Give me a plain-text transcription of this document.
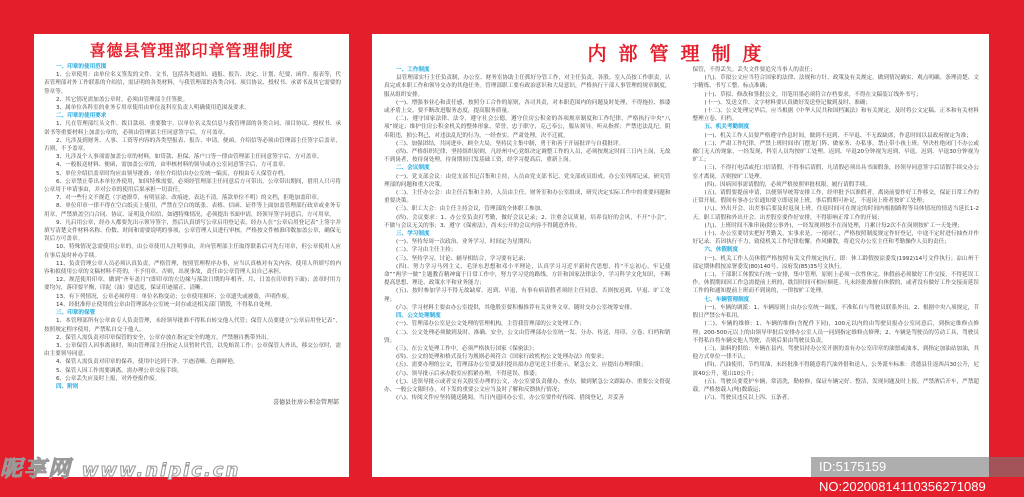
喜德县管理部印章管理制度
一、印章的使用范围
1、公章使用：由单位名义签发的文件、文书，包括各类通知、通报、报告、决定、计划、纪要、函件、报表等，代表管理部对外工作联系的介绍信，需证明的各类材料，与我管理部的各类合同、项目协议、授权书、承诺书及其它需要的签章等。
2、其它情况需加盖公章时，必须由管理部主任签批。
3、属单位各科室的业务专用章使用由单位及科室负责人明确使用范围及要求。
二、印章的使用要求
1、凡在管理部红头文件、拨目款项、重要数字、以单位名义发信息与我管理部的各类合同、项目协议、授权书、承诺书等重要材料上加盖公章的，必须由管理部主任同意签字后，方可盖章。
2、凡涉及到财务、人事、工资等内容的各类型报表、报告、申请、便函、介绍信等必须由管理部主任签字后盖章，否则，不予盖章。
3、凡涉及个人事项需加盖公章的材料，如贷款、担保、落户口等一律由管理部主任同意签字后，方可盖章。
4、一般报送材料、便函，需加盖公章的，由审核材料的领导或办公室同意签字后，方可盖章。
5、单位介绍信盖章时均应由领导批准；单位介绍信由办公室统一编页，存根由专人保管存档。
6、公章禁止带出本单位外使用，如因特殊需要，必须经管理部主任同意后方可带出。公章带出期间，借用人只可将公章用于申请事由，并对公章的使用后果承担一切责任。
7、对一些行文不规范（字迹潦草，有明显涂、改痕迹，表达不清，落款单位不明）的文档，拒绝加盖印章。
8、单位印章一律不得在空白纸页上使用，严禁在空白的纸张、表格、信函、证件等上面加盖管理部行政章或业务专用章，严禁填盖空白合同、协议、证明及介绍信，如遇特殊情况，必须提出书面申请，经领导签字同意后，方可用章。
9、凡启用公章，经办人都要先出示领导签字，然后认真填写公章启用登记表，经办人在“公章启用登记表”上签字并填写清楚文件材料名称、份数、时间和需要说明的事项，公章管理人员进行审核，严格按文件核准印数加盖公章，确保无误后方可盖章。
10、特殊情况急需使用公章的，由公章使用人注明事由，并向管理部主任取得联系后可先行用章，但公章使用人应在事后及时补办手续。
11、负责管理公章人员必须认真负责，严格管理，按照管理程序办事，应当认真核对有关内容，使用人所填写的内容和拟使用公章的文稿材料不符的，不予用章。否则，出现事故，责任由公章管理人员自己承担。
12、规范使用印章，做到“齐年盖月”(即印章的左边缘与落款日期的年相齐，月、日盖在印章的下面)；盖章时用力要均匀，落印要平衡，印泥（油）要适度，保证印迹端正、清晰。
13、有下列情况，公章必须停用：单位名称变动；公章使用损坏；公章遗失或被盗，声明作废。
14、经批准停止使用的公章由管理部办公室统一封存或送相关部门销毁，不得私自处理。
三、印章的保管
1、本管理部所有公章由专人负责管理，未经领导批准不得私自转交他人代管；保管人员要建立“公章启用登记表”，按照规定程序使用，严禁私自交于他人。
2、保管人需负责对印章保管的安全，公章存放在指定安全的地方，严禁擅自携带外出。
3、公章保管人因事离岗时，须由管理部主任指定人员暂时代管，以免贻误工作；公章保管人外出，移交公章时，需由主要领导同意。
4、保管人需负责对印章的保养，使用中达到干净、字迹清晰、色调鲜艳。
5、保管人因工作需要调离，需办理公章交接手续。
6、公章丢失应及时上报，对外登报作废。
四、附则
喜德县住房公积金管理部
内部管理制度
一、工作制度
县管理部实行主任负责制，办公室、财务室协助主任抓好分管工作，对主任负责。各股、室人员按工作职责，认真完成本职工作和领导交办的其他任务。管理部职工要有政治意识和大局意识，严格执行干部人事管理的规章制度，服从组织安排。
(一)、增强事业心和责任感，按照分工合作的原则，各司其责，对本职范围内的问题及时处理，不得拖拉、推诿或矛盾上交。要不断改进服务态度，提高服务质量。
(二)、遵守国家法律、法令，遵守社会公德，遵守住房公积金的各项规章制度和工作纪律，严格执行中央“八项”规定；维护住房公积金机关的整体形象、荣誉，忠于职守，克己奉公，服从领导，听从指挥；严禁违法乱纪，阴奉阳违，损公利己，对违法乱纪的行为，一经查实，严肃处理，决不迁就。
(三)、加强团结，共同进步，顾全大局，坚持民主集中制，勇于和善于开展批评与自我批评。
(四)、严格组织纪律，坚持组织原则，凡经州中心党组决定调整工作的人员，必须按规定时间三日内上岗，无故不到岗者，按待岗处理，待岗期间只发基础工资，经学习提高后，重新上岗。
二、会议制度
(一)、党支部会议：由党支部书记召集和主持，人员由党支部书记、党支部成员组成，办公室列席记录，研究管理部的问题和重大决策。
(二)、主任办公会：由主任召集和主持，人员由主任、财务室和办公室组成，研究决定实际工作中的重要问题和重要决策。
(三)、职工大会：由主任主持会议，管理部的全体职工参加。
(四)、会议要求：1、办公室负责打考勤，做好会议记录；2、注重会议质量，培养良好的会风，不开“小会”，不做与会议无关的事；3、遵守《保密法》，尚未公开的会议内容不得随意外传。
三、学习制度
(一)、坚持每周一次政治、业务学习，时间定为星期四；
(二)、学习由主任主持；
(三)、坚持学习、讨论、辅导相结合，学习要有记录；
(四)、努力学习马列主义、毛泽东思想和邓小平理论，认真学习习近平新时代思想，将“不忘初心，牢记使命”“两学一做”主题教育精神寓于日常工作中，努力学习党的路线、方针和国家法律法令，学习科学文化知识，不断提高思想、理论、政策水平和业务能力；
(五)、按时参加学习不得无故缺席、迟到、早退，有事有病请假者须经主任同意，否则按迟到、早退、旷工处理；
(六)、学习材料主要由办公室提供，其他股室要积极推荐有关业务文章，随时交办公室统筹安排。
四、公文处理制度
(一)、管理部办公室是公文处理的管理机构，主管我管理部的公文处理工作；
(二)、公文处理必须做到及时、准确、安全，公文由管理部办公室统一发、分办、传送、用印、立卷、归档和销毁；
(三)、在公文处理工作中，必须严格执行国家《保密法》；
(四)、公文的处理和格式及行为规则必须符合《国家行政机构公文处理办法》的要求；
(五)、需要办理的公文，管理部办公室要及时提出拟办意见送主任批示，紧急公文，应提出办理时限；
(六)、领导批示后承办股室应抓紧办理，不得延误、推诿；
(七)、送领导批示或者交有关股室办理的公文，办公室要负责催办、查办，做到紧急公文跟踪办、重要公文督促办、一般公文限时办，对下发的重要公文应当及时了解和反馈执行情况；
(八)、传阅文件应坚持随送随阅，当日内退回办公室，办公室要作好传阅、借阅登记，并妥善
保管，不得丢失。丢失文件要追究当事人的责任；
(九)、草拟公文应当符合国家的法律、法规和方针、政策及有关规定。做到情况确实、观点明确、条理清楚、文字精炼、书写工整、标点准确；
(十)、草拟、修改和签批公文，用笔用墨必须符合存档要求，不得在文稿装订线外书写；
(十一)、发送文件、文字材料要认真做好发送登记做到及时、准确；
(十二)、公文处理完毕后，应当根据《中华人民共和国档案法》和有关规定，及时将公文定稿、正本和有关材料整理立卷、归档。
五、机关考勤制度
(一)、机关工作人员要严格遵守作息时间，做到不迟到、不早退、不无故缺席，作息时间以县政府规定为准；
(二)、严肃工作纪律，严禁上班时间串门摆龙门阵、做家务、办私事，禁止带小孩上班。坚决杜绝闭门不办公或敞门无人的现象，一经发现，科室人员均按旷工处理。迟到、早退20分钟视为迟到、早退，迟到、早退30分钟视为旷工；
(三)、不得打电话或托口信请假，不得事后请假，凡请假必须出具书面假条，经领导同意签字后请假手续交办公室才离岗，否则按旷工处理。
(四)、因病因事需请假的，必须严格按照审批权限，履行请假手续。
(五)、请假要提前申请，以便领导统筹安排工作，经审批予以准假者，离岗前要作好工作移交，保证日常工作的正常开展。假间有事办公室通知要立即返岗上班，事后假期可补足，不返岗上班者按旷工处理；
(八)、外出开会、出差事后要及时返岗上班，往返时间可在规定的时间内根据路程等具体情况的情适当延长1-2天，职工请假和外出开会、出差股室要作好安排，不得影响正常工作的开展；
(九)、上班时间不准串岗(除公事外)，一经发现则按不在岗处理，月累计每2次不在岗则按旷工一天处理；
(十)、办公室要切实把好考勤关，实事求是，一视同仁，严格按照制度规定作好登记，中途不定时进行抽查并作好记录。若因执行不力，致使机关工作纪律松懈，作风懒散，将追究办公室主任和考勤操作人员的责任；
六、休假制度
(一)、机关工作人员休假严格按照有关文件规定执行。即：休工龄假按凉委发(1992)14号文件执行；凉山州干部定期休假按凉署委发(80)140号、凉府发(85)35号文执行。
(二)、干部职工休假实行统一安排，集中管理，原则上必须一次性休完。休假前必须做好工作交接，不得延误工作。休假期间因工作急需提前上班的，耽误时间可相应顺延。凡未经批准擅自休假的，或者没有做好工作交接而延误工作的和通知提前上班而不到岗的，一律按旷工处理。
七、车辆管理制度
(一)、车辆的调派：1、车辆原则上由办公室统一调度，不准私自与驾驶员联系外出。2、根据中央八项规定，节假日严禁公车私用。
(二)、车辆的维修：1、车辆的维修(含配件下同)，100元以内的由驾驶员报办公室同意后，到指定维修点修理；200-500元以上的由领导审批后安排办公室人员一同到指定维修点修理；2、车辆是驾驶员的劳动工具，驾驶员不得私自将车辆交他人驾驶，否则后果由驾驶员负责。
(三)、油料的供给：车辆在县内，驾驶员持办公室开据的盖有办公室印章的油票或油本，到指定加油站加油，其他方式单位一律不认；
(四)、汽油使用，节约用油，未经批准不得随意将汽油外借和送人，公务派车标准：喜德县往返西昌30公升，尼波40公升，冕山10公升；
(五)、驾驶员要爱护车辆，常清洗，勤检修，保证车辆完好、整洁，发现问题及时上报，严禁酒后开车，严禁超载，严格按载人(吨)数载运；
(六)、驾驶员违反以上四、五条者，
昵享网 www.nipic.cn	ID:5175159 NO:20200814110356271089
